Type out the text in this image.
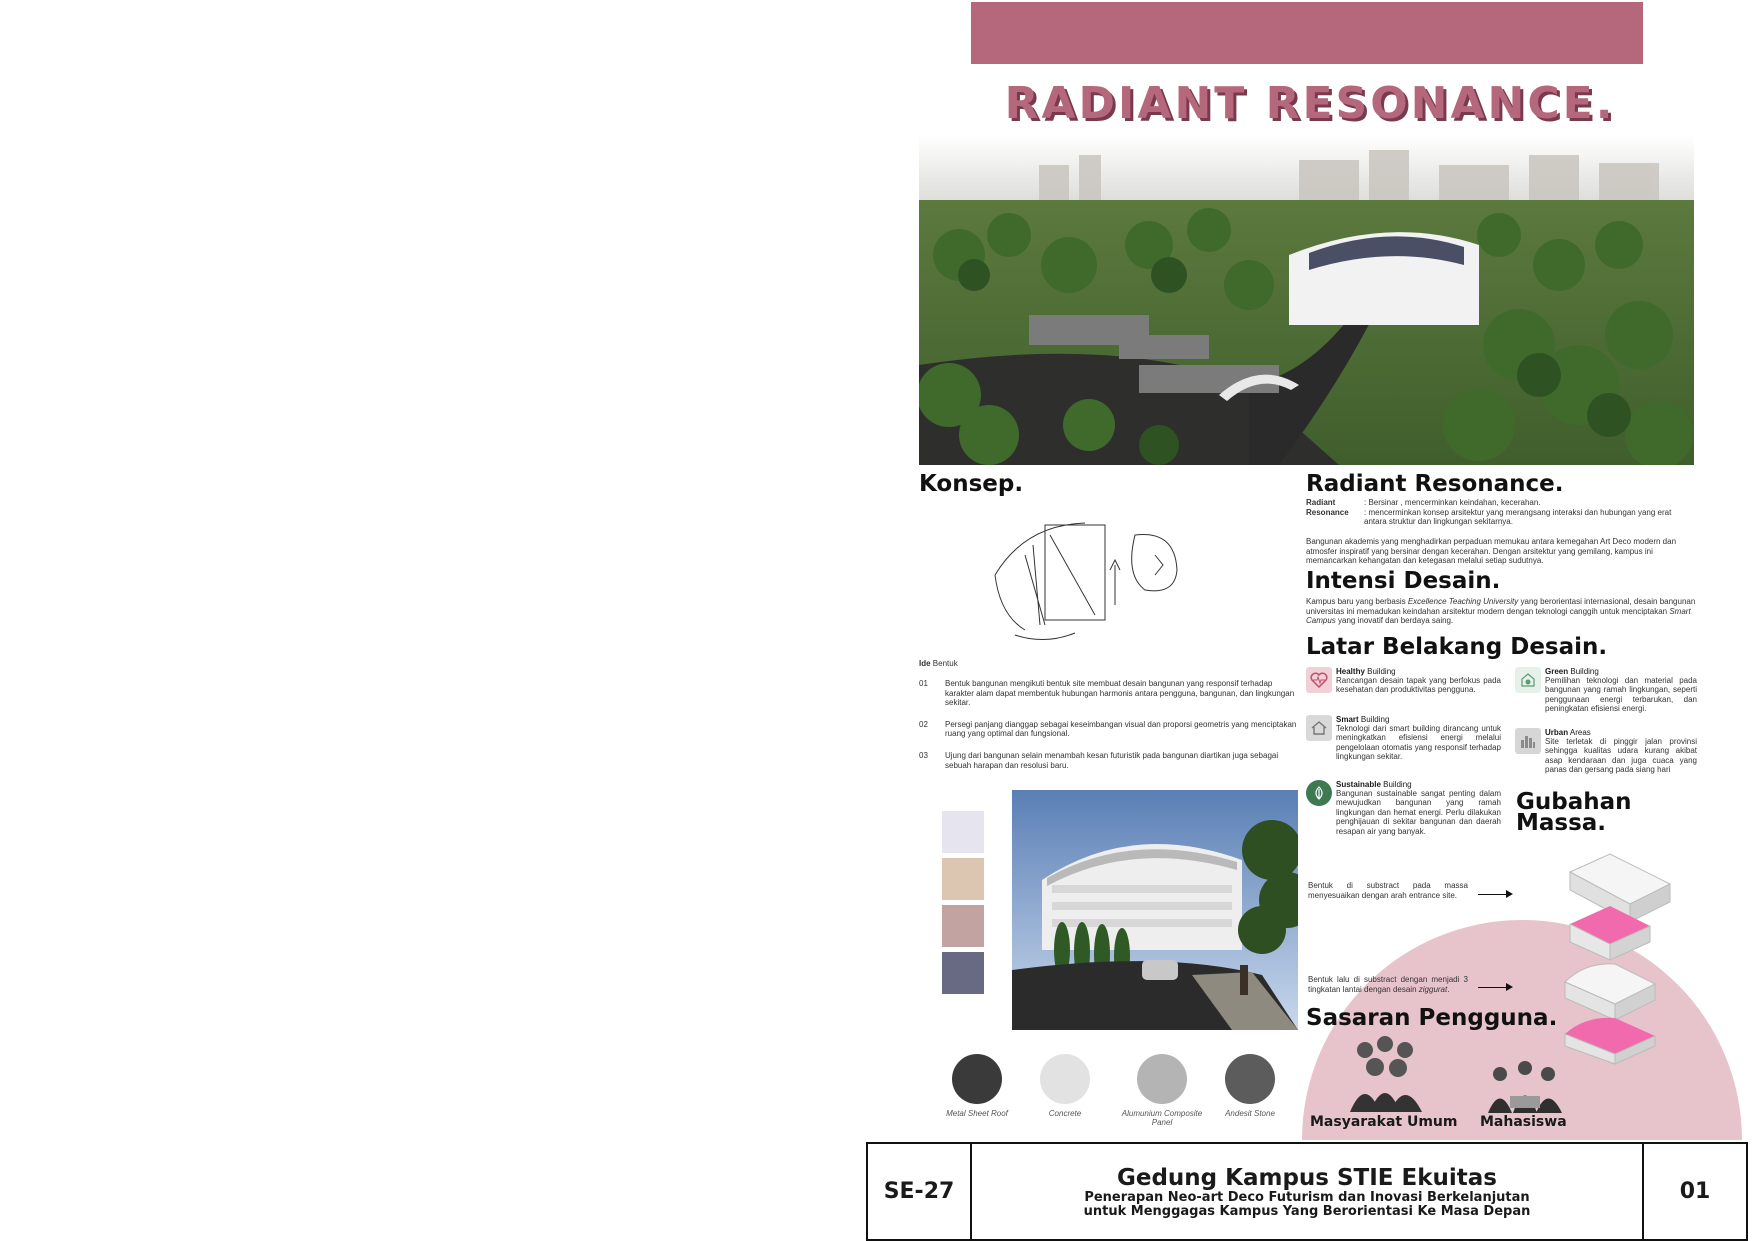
RADIANT RESONANCE.
Konsep.
Ide Bentuk
01	Bentuk bangunan mengikuti bentuk site membuat desain bangunan yang responsif terhadap karakter alam dapat membentuk hubungan harmonis antara pengguna, bangunan, dan lingkungan sekitar.
02	Persegi panjang dianggap sebagai keseimbangan visual dan proporsi geometris yang menciptakan ruang yang optimal dan fungsional.
03	Ujung dari bangunan selain menambah kesan futuristik pada bangunan diartikan juga sebagai sebuah harapan dan resolusi baru.
Metal Sheet Roof	Concrete	Alumunium Composite Panel
Andesit Stone
Radiant Resonance.
Radiant	: Bersinar , mencerminkan keindahan, kecerahan.
Resonance	: mencerminkan konsep arsitektur yang merangsang interaksi dan hubungan yang erat antara struktur dan lingkungan sekitarnya.
Bangunan akademis yang menghadirkan perpaduan memukau antara kemegahan Art Deco modern dan atmosfer inspiratif yang bersinar dengan kecerahan. Dengan arsitektur yang gemilang, kampus ini memancarkan kehangatan dan ketegasan melalui setiap sudutnya.
Intensi Desain.
Kampus baru yang berbasis Excellence Teaching University yang berorientasi internasional, desain bangunan universitas ini memadukan keindahan arsitektur modern dengan teknologi canggih untuk menciptakan Smart Campus yang inovatif dan berdaya saing.
Latar Belakang Desain.
Healthy Building
Rancangan desain tapak yang berfokus pada kesehatan dan produktivitas pengguna.
Smart Building
Teknologi dari smart building dirancang untuk meningkatkan efisiensi energi melalui pengelolaan otomatis yang responsif terhadap lingkungan sekitar.
Sustainable Building
Bangunan sustainable sangat penting dalam mewujudkan bangunan yang ramah lingkungan dan hemat energi. Perlu dilakukan penghijauan di sekitar bangunan dan daerah resapan air yang banyak.
Green Building
Pemilihan teknologi dan material pada bangunan yang ramah lingkungan, seperti penggunaan energi terbarukan, dan peningkatan efisiensi energi.
Urban Areas
Site terletak di pinggir jalan provinsi sehingga kualitas udara kurang akibat asap kendaraan dan juga cuaca yang panas dan gersang pada siang hari
Gubahan
Massa.
Bentuk di substract pada massa menyesuaikan dengan arah entrance site.
Bentuk lalu di substract dengan menjadi 3 tingkatan lantai dengan desain ziggurat.
Sasaran Pengguna.
Masyarakat Umum Mahasiswa
SE-27
Gedung Kampus STIE Ekuitas
Penerapan Neo-art Deco Futurism dan Inovasi Berkelanjutan
untuk Menggagas Kampus Yang Berorientasi Ke Masa Depan
01
